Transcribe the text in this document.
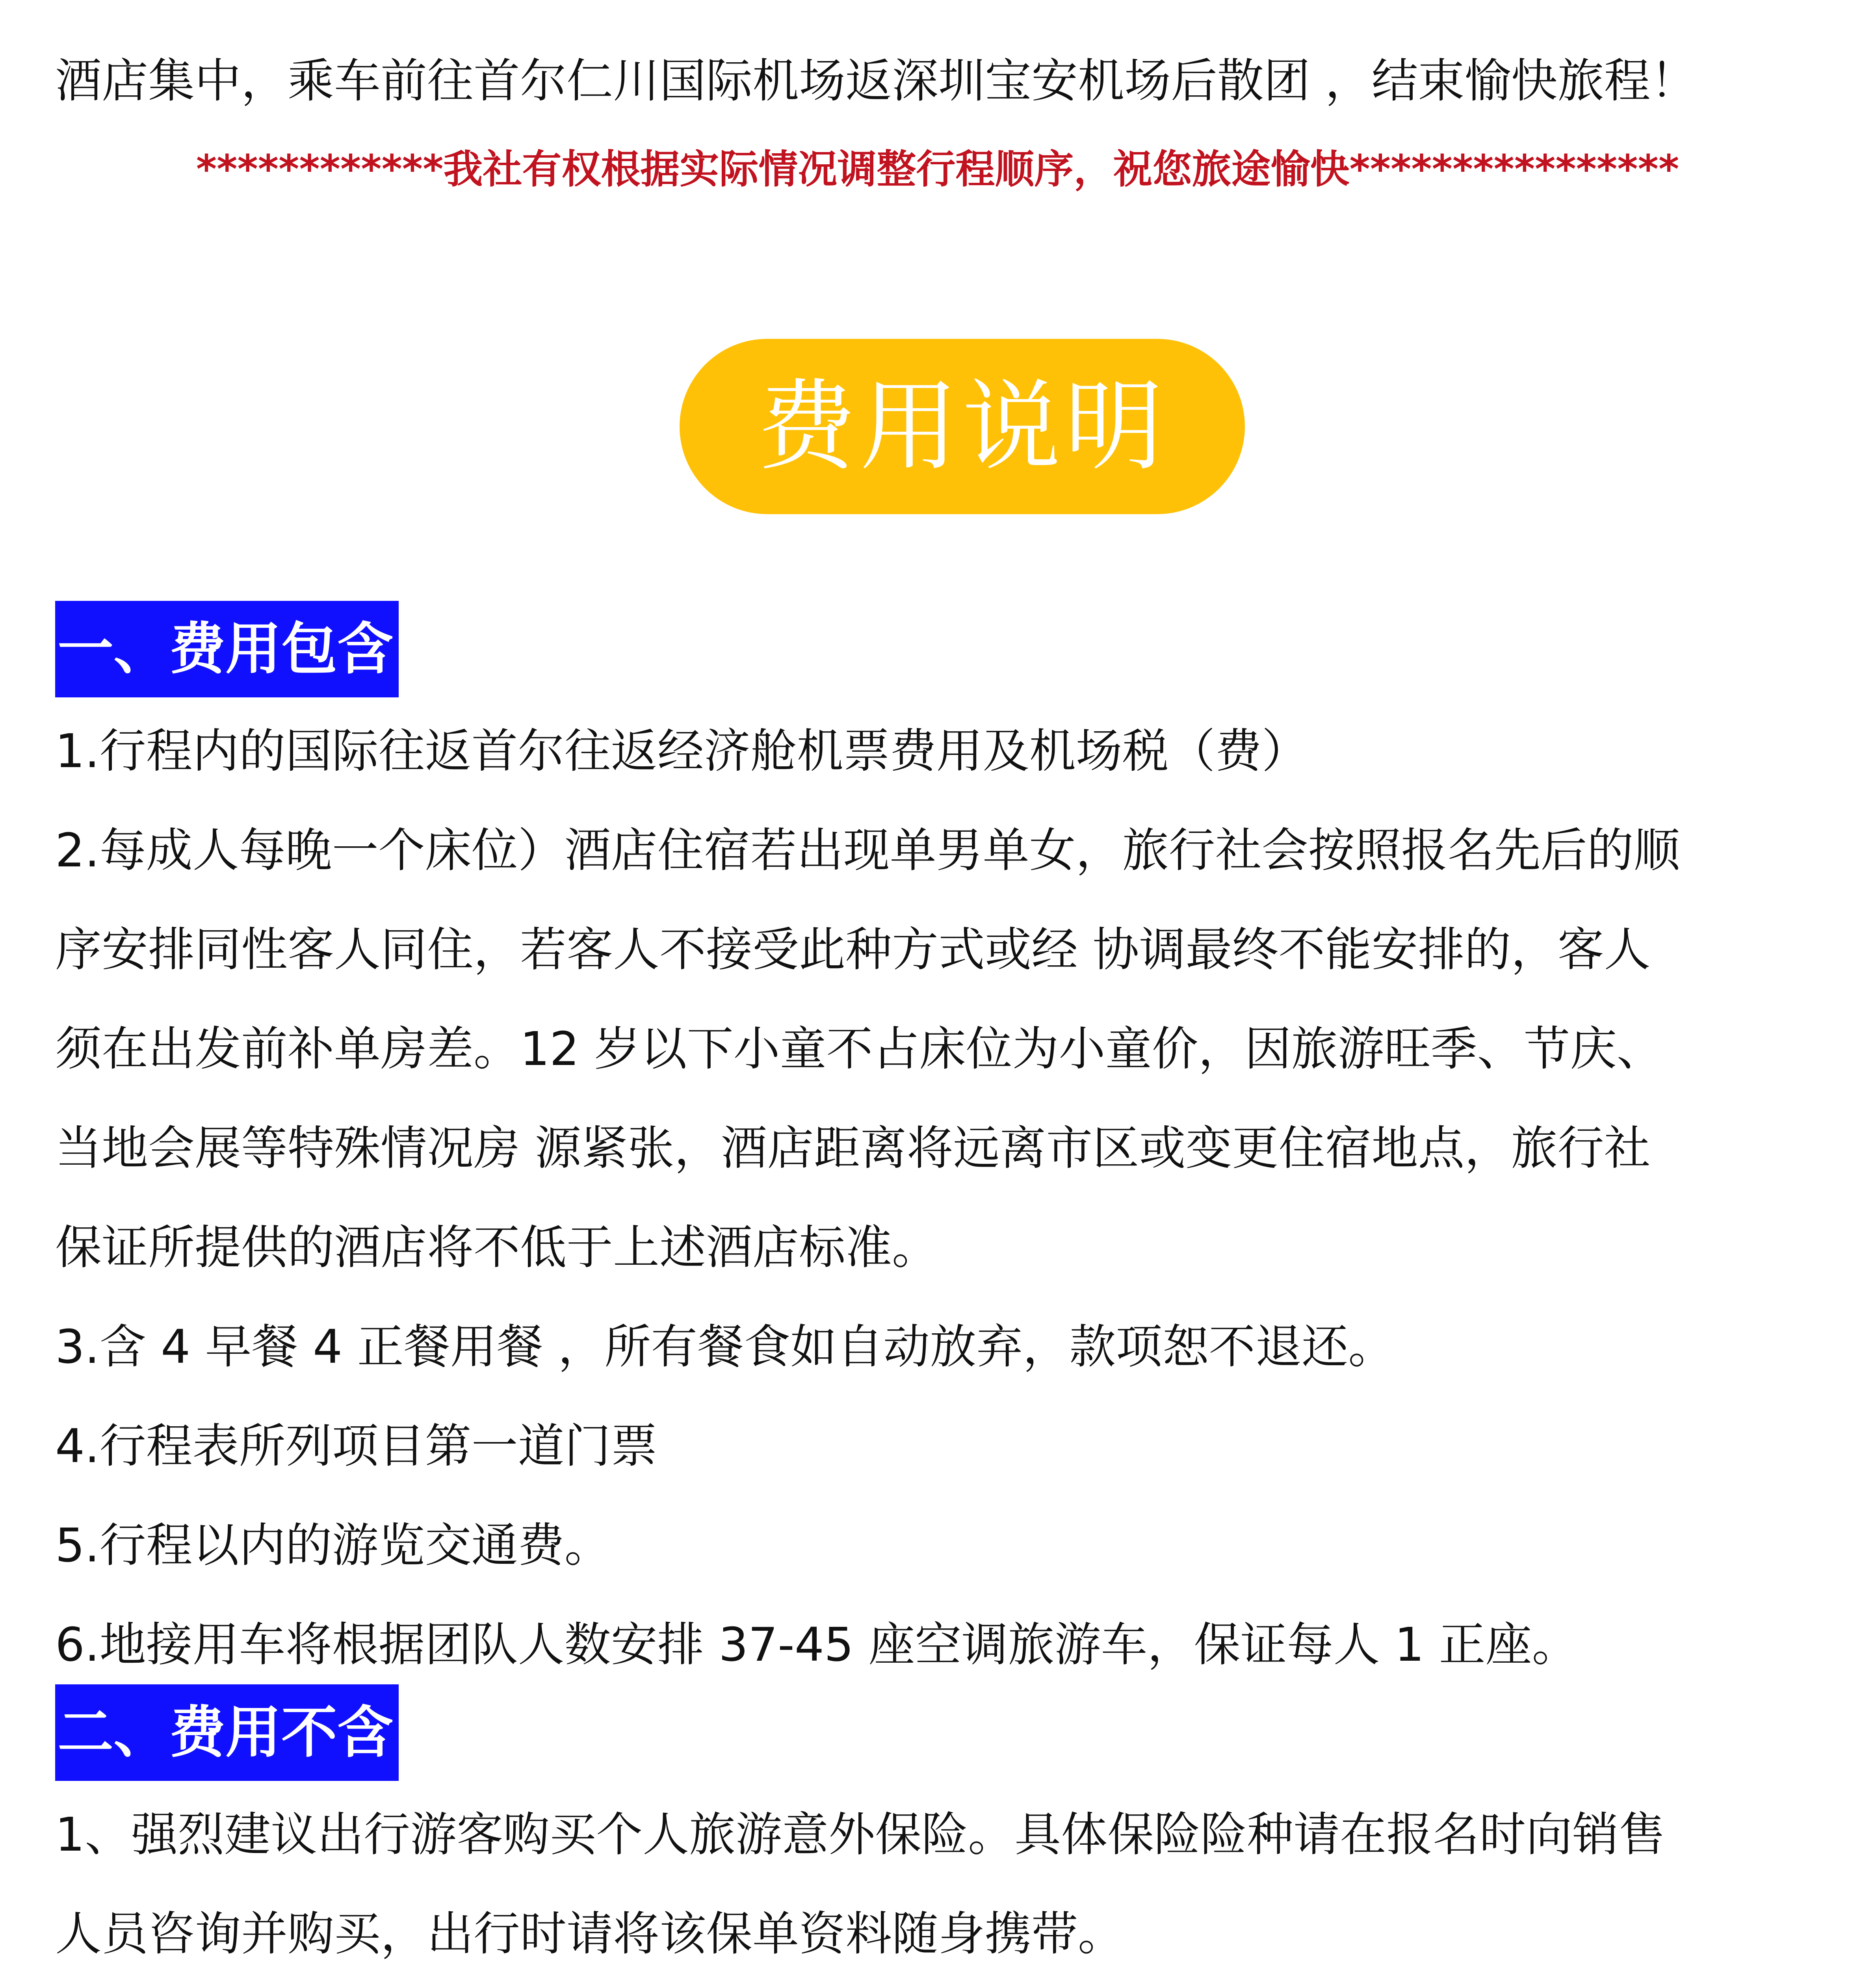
酒店集中，乘车前往首尔仁川国际机场返深圳宝安机场后散团 ，结束愉快旅程！

************我社有权根据实际情况调整行程顺序，祝您旅途愉快****************

费用说明
一、费用包含

1.行程内的国际往返首尔往返经济舱机票费用及机场税（费）

2.每成人每晚一个床位）酒店住宿若出现单男单女，旅行社会按照报名先后的顺
序安排同性客人同住，若客人不接受此种方式或经 协调最终不能安排的，客人
须在出发前补单房差。12 岁以下小童不占床位为小童价，因旅游旺季、节庆、
当地会展等特殊情况房 源紧张，酒店距离将远离市区或变更住宿地点，旅行社
保证所提供的酒店将不低于上述酒店标准。

3.含 4 早餐 4 正餐用餐 ，所有餐食如自动放弃，款项恕不退还。

4.行程表所列项目第一道门票

5.行程以内的游览交通费。

6.地接用车将根据团队人数安排 37-45 座空调旅游车，保证每人 1 正座。

二、费用不含

1、强烈建议出行游客购买个人旅游意外保险。具体保险险种请在报名时向销售
人员咨询并购买，出行时请将该保单资料随身携带。
